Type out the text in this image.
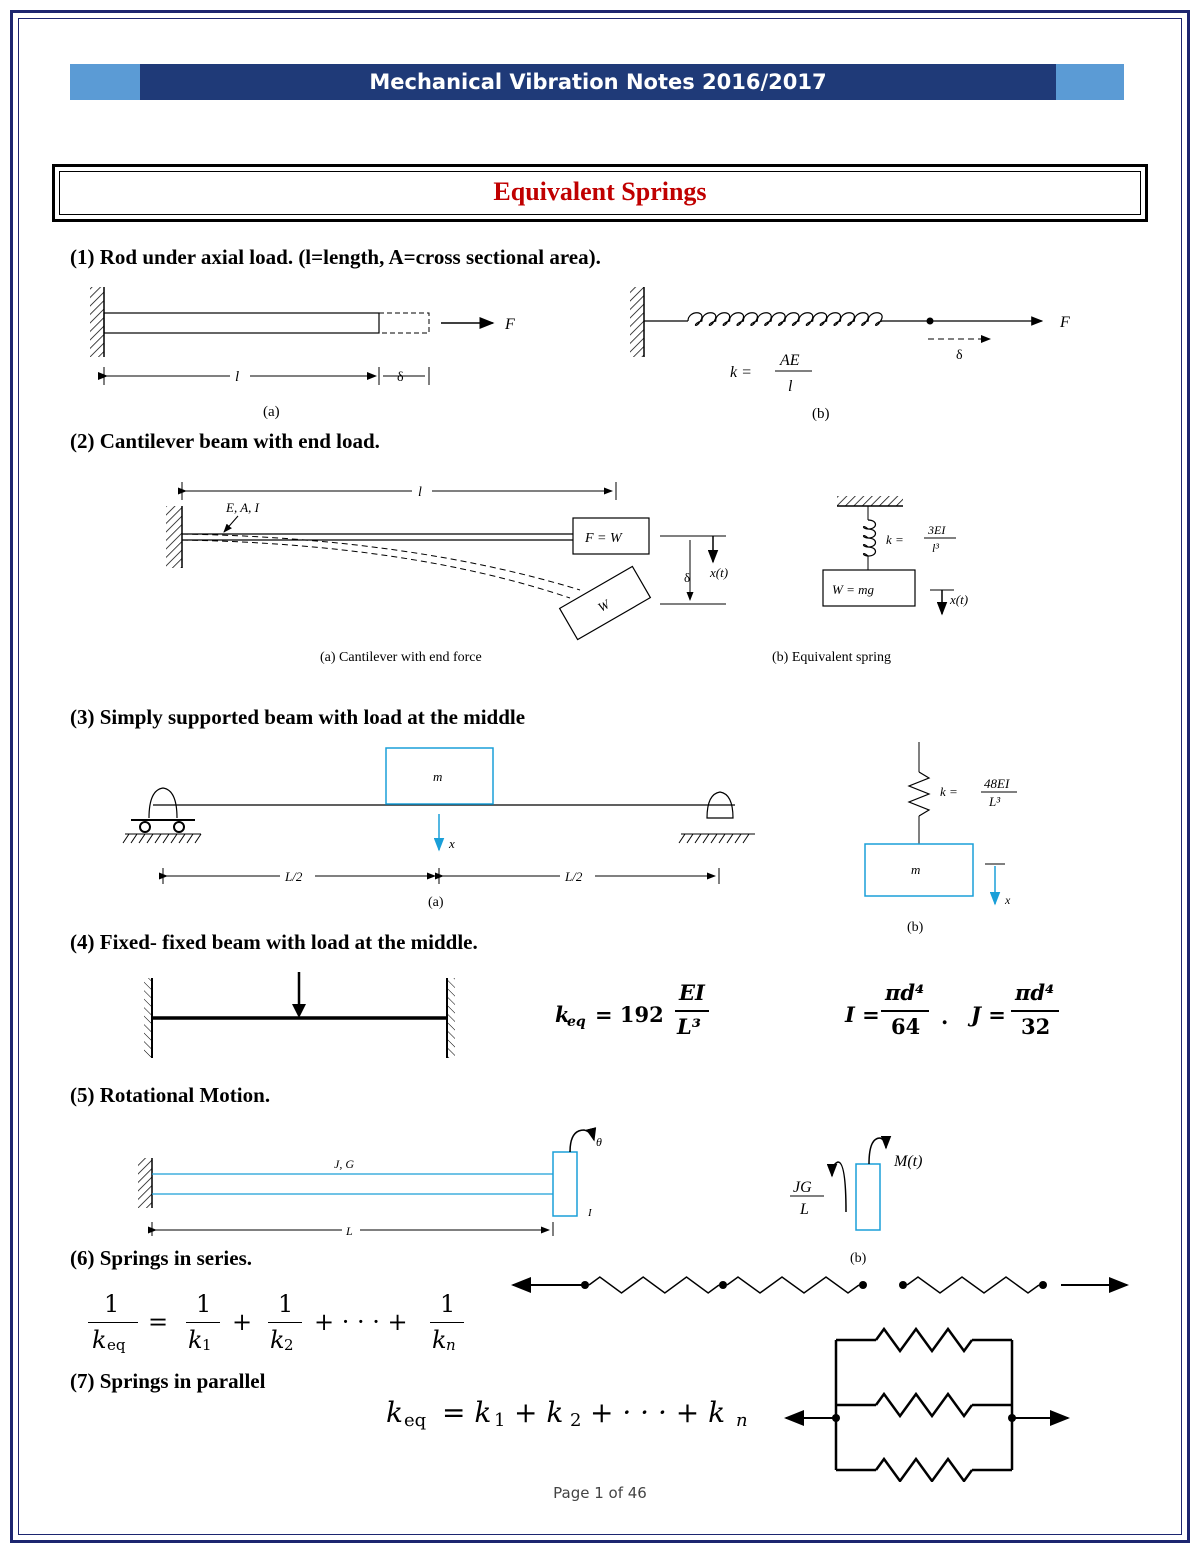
Mechanical Vibration Notes 2016/2017
Equivalent Springs
(1) Rod under axial load. (l=length, A=cross sectional area).
(2) Cantilever beam with end load.
(3) Simply supported beam with load at the middle
(4) Fixed- fixed beam with load at the middle.
(5) Rotational Motion.
(6) Springs in series.
(7) Springs in parallel
F
l	δ
(a)
F
δ
k =
AE
l
(b)
F = W
W
l
E, A, I
δ x(t)
(a) Cantilever with end force
k =
3EI
l³
W = mg
x(t)
(b) Equivalent spring
m
x
L/2	L/2
(a)
k =
48EI
L³
m
x
(b)
k
eq = 192
EI
L³	I =
πd⁴
64 . J =
πd⁴
32
J, G
θ
I
L
M(t)
JG
L
(b)
1
k eq
=
1
k 1
+
1
k 2
+ · · · +
1
k n
k eq = k 1 + k 2 + · · · + k n
Page 1 of 46
